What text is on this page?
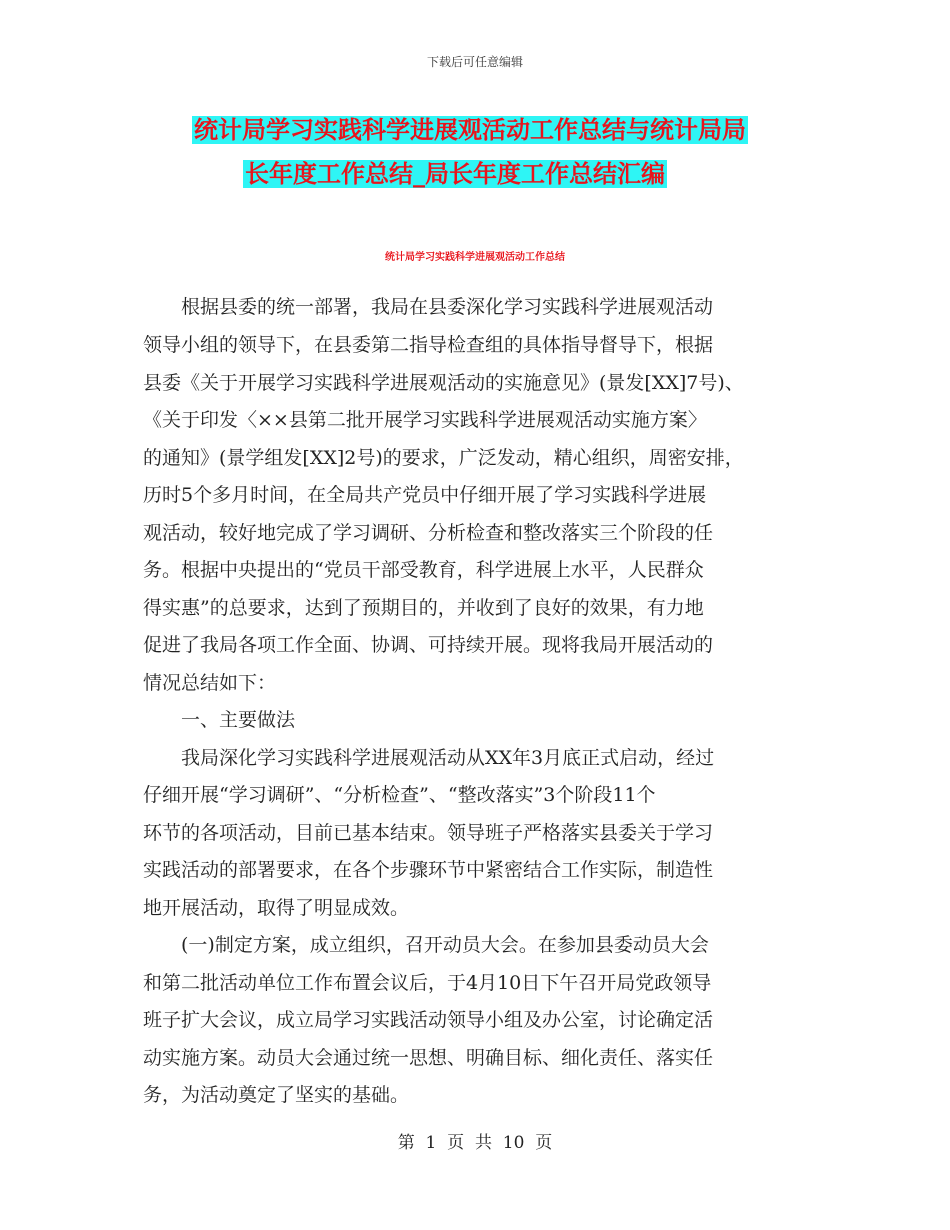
下载后可任意编辑
统计局学习实践科学进展观活动工作总结与统计局局
长年度工作总结_局长年度工作总结汇编
统计局学习实践科学进展观活动工作总结
　　根据县委的统一部署，我局在县委深化学习实践科学进展观活动
领导小组的领导下，在县委第二指导检查组的具体指导督导下，根据
县委《关于开展学习实践科学进展观活动的实施意见》(景发[XX]7号)、
《关于印发〈××县第二批开展学习实践科学进展观活动实施方案〉
的通知》(景学组发[XX]2号)的要求，广泛发动，精心组织，周密安排，
历时5个多月时间，在全局共产党员中仔细开展了学习实践科学进展
观活动，较好地完成了学习调研、分析检查和整改落实三个阶段的任
务。根据中央提出的“党员干部受教育，科学进展上水平，人民群众
得实惠”的总要求，达到了预期目的，并收到了良好的效果，有力地
促进了我局各项工作全面、协调、可持续开展。现将我局开展活动的
情况总结如下：
　　一、主要做法
　　我局深化学习实践科学进展观活动从XX年3月底正式启动，经过
仔细开展“学习调研”、“分析检查”、“整改落实”3个阶段11个
环节的各项活动，目前已基本结束。领导班子严格落实县委关于学习
实践活动的部署要求，在各个步骤环节中紧密结合工作实际，制造性
地开展活动，取得了明显成效。
　　(一)制定方案，成立组织，召开动员大会。在参加县委动员大会
和第二批活动单位工作布置会议后，于4月10日下午召开局党政领导
班子扩大会议，成立局学习实践活动领导小组及办公室，讨论确定活
动实施方案。动员大会通过统一思想、明确目标、细化责任、落实任
务，为活动奠定了坚实的基础。
第  1  页  共  10  页
